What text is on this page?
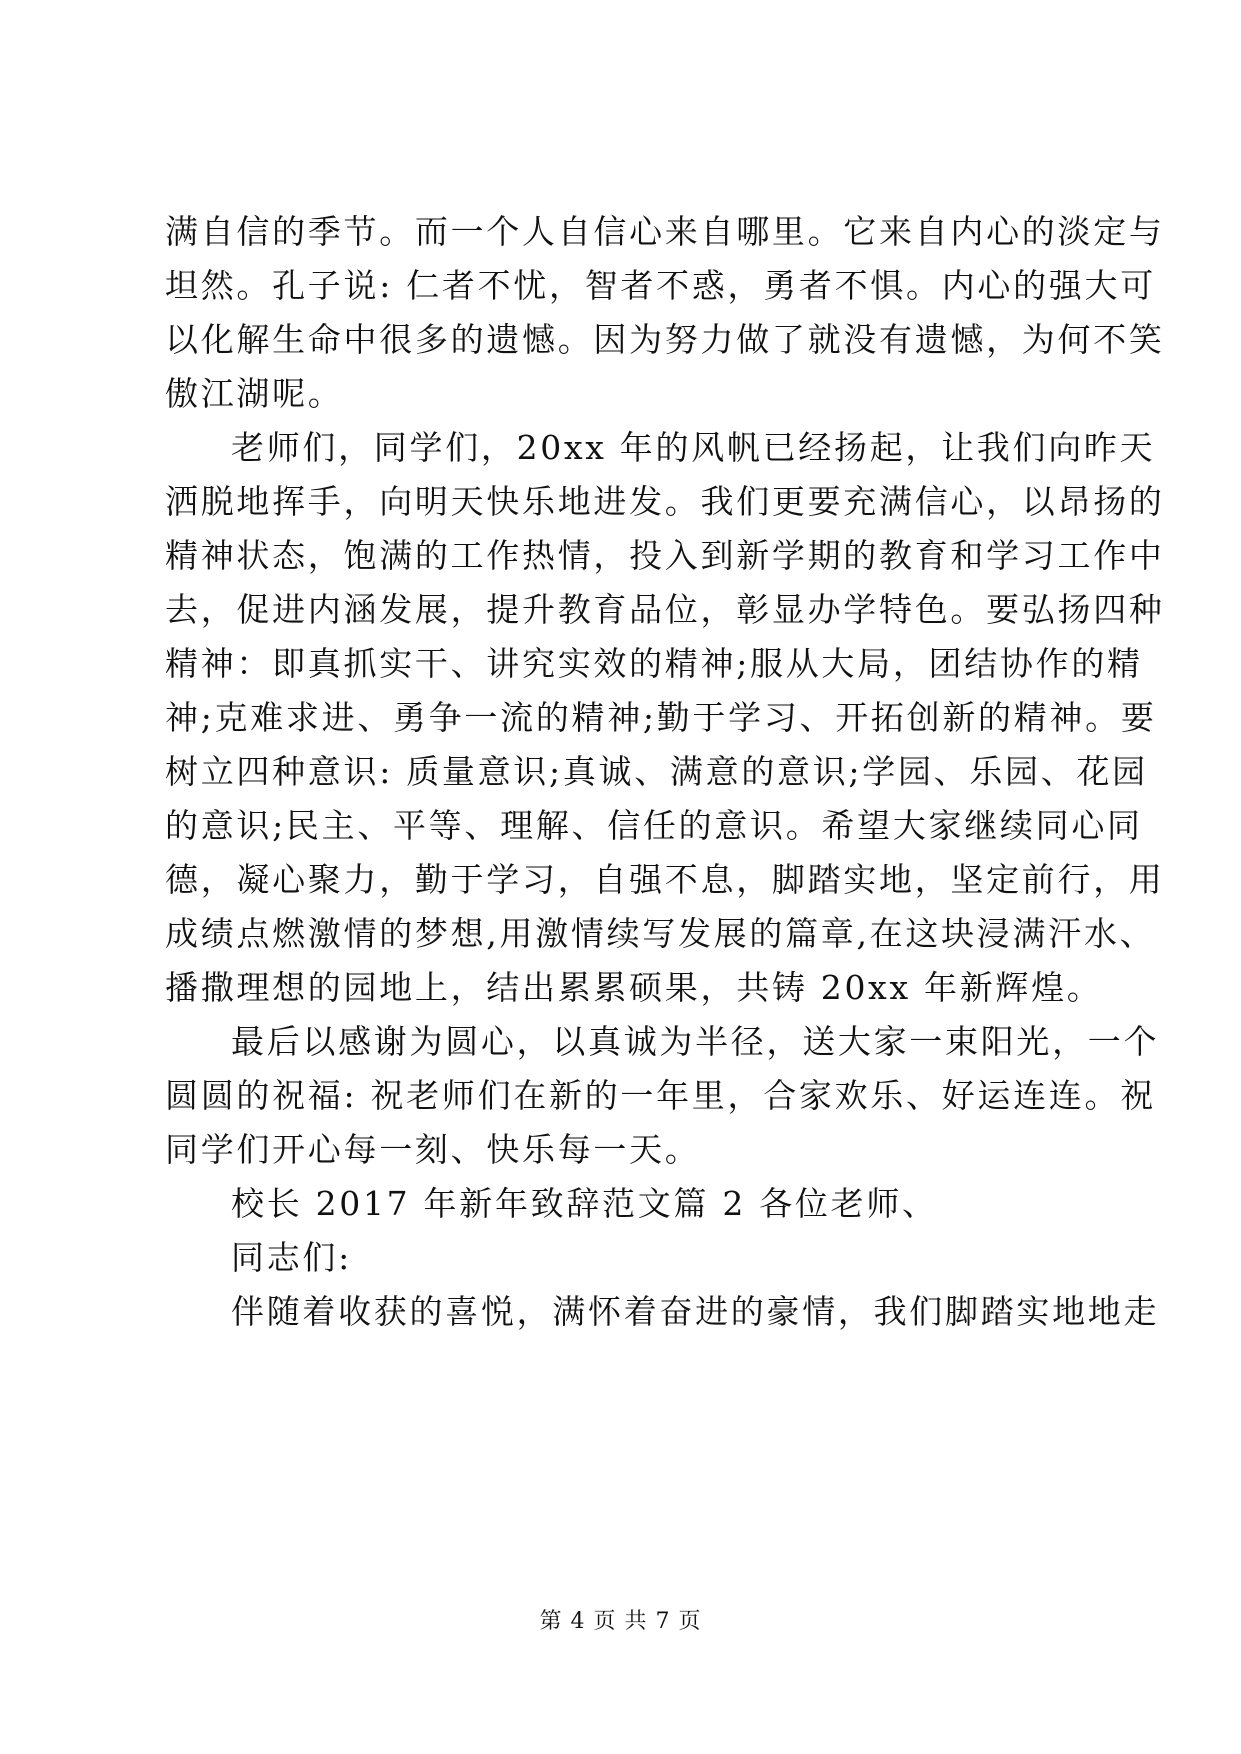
满自信的季节。而一个人自信心来自哪里。它来自内心的淡定与
坦然。孔子说: 仁者不忧，智者不惑，勇者不惧。内心的强大可
以化解生命中很多的遗憾。因为努力做了就没有遗憾，为何不笑
傲江湖呢。
老师们，同学们，20xx 年的风帆已经扬起，让我们向昨天
洒脱地挥手，向明天快乐地进发。我们更要充满信心，以昂扬的
精神状态，饱满的工作热情，投入到新学期的教育和学习工作中
去，促进内涵发展，提升教育品位，彰显办学特色。要弘扬四种
精神：即真抓实干、讲究实效的精神;服从大局，团结协作的精
神;克难求进、勇争一流的精神;勤于学习、开拓创新的精神。要
树立四种意识: 质量意识;真诚、满意的意识;学园、乐园、花园
的意识;民主、平等、理解、信任的意识。希望大家继续同心同
德，凝心聚力，勤于学习，自强不息，脚踏实地，坚定前行，用
成绩点燃激情的梦想,用激情续写发展的篇章,在这块浸满汗水、
播撒理想的园地上，结出累累硕果，共铸 20xx 年新辉煌。
最后以感谢为圆心，以真诚为半径，送大家一束阳光，一个
圆圆的祝福: 祝老师们在新的一年里，合家欢乐、好运连连。祝
同学们开心每一刻、快乐每一天。
校长 2017 年新年致辞范文篇 2 各位老师、
同志们:
伴随着收获的喜悦，满怀着奋进的豪情，我们脚踏实地地走
第 4 页 共 7 页
